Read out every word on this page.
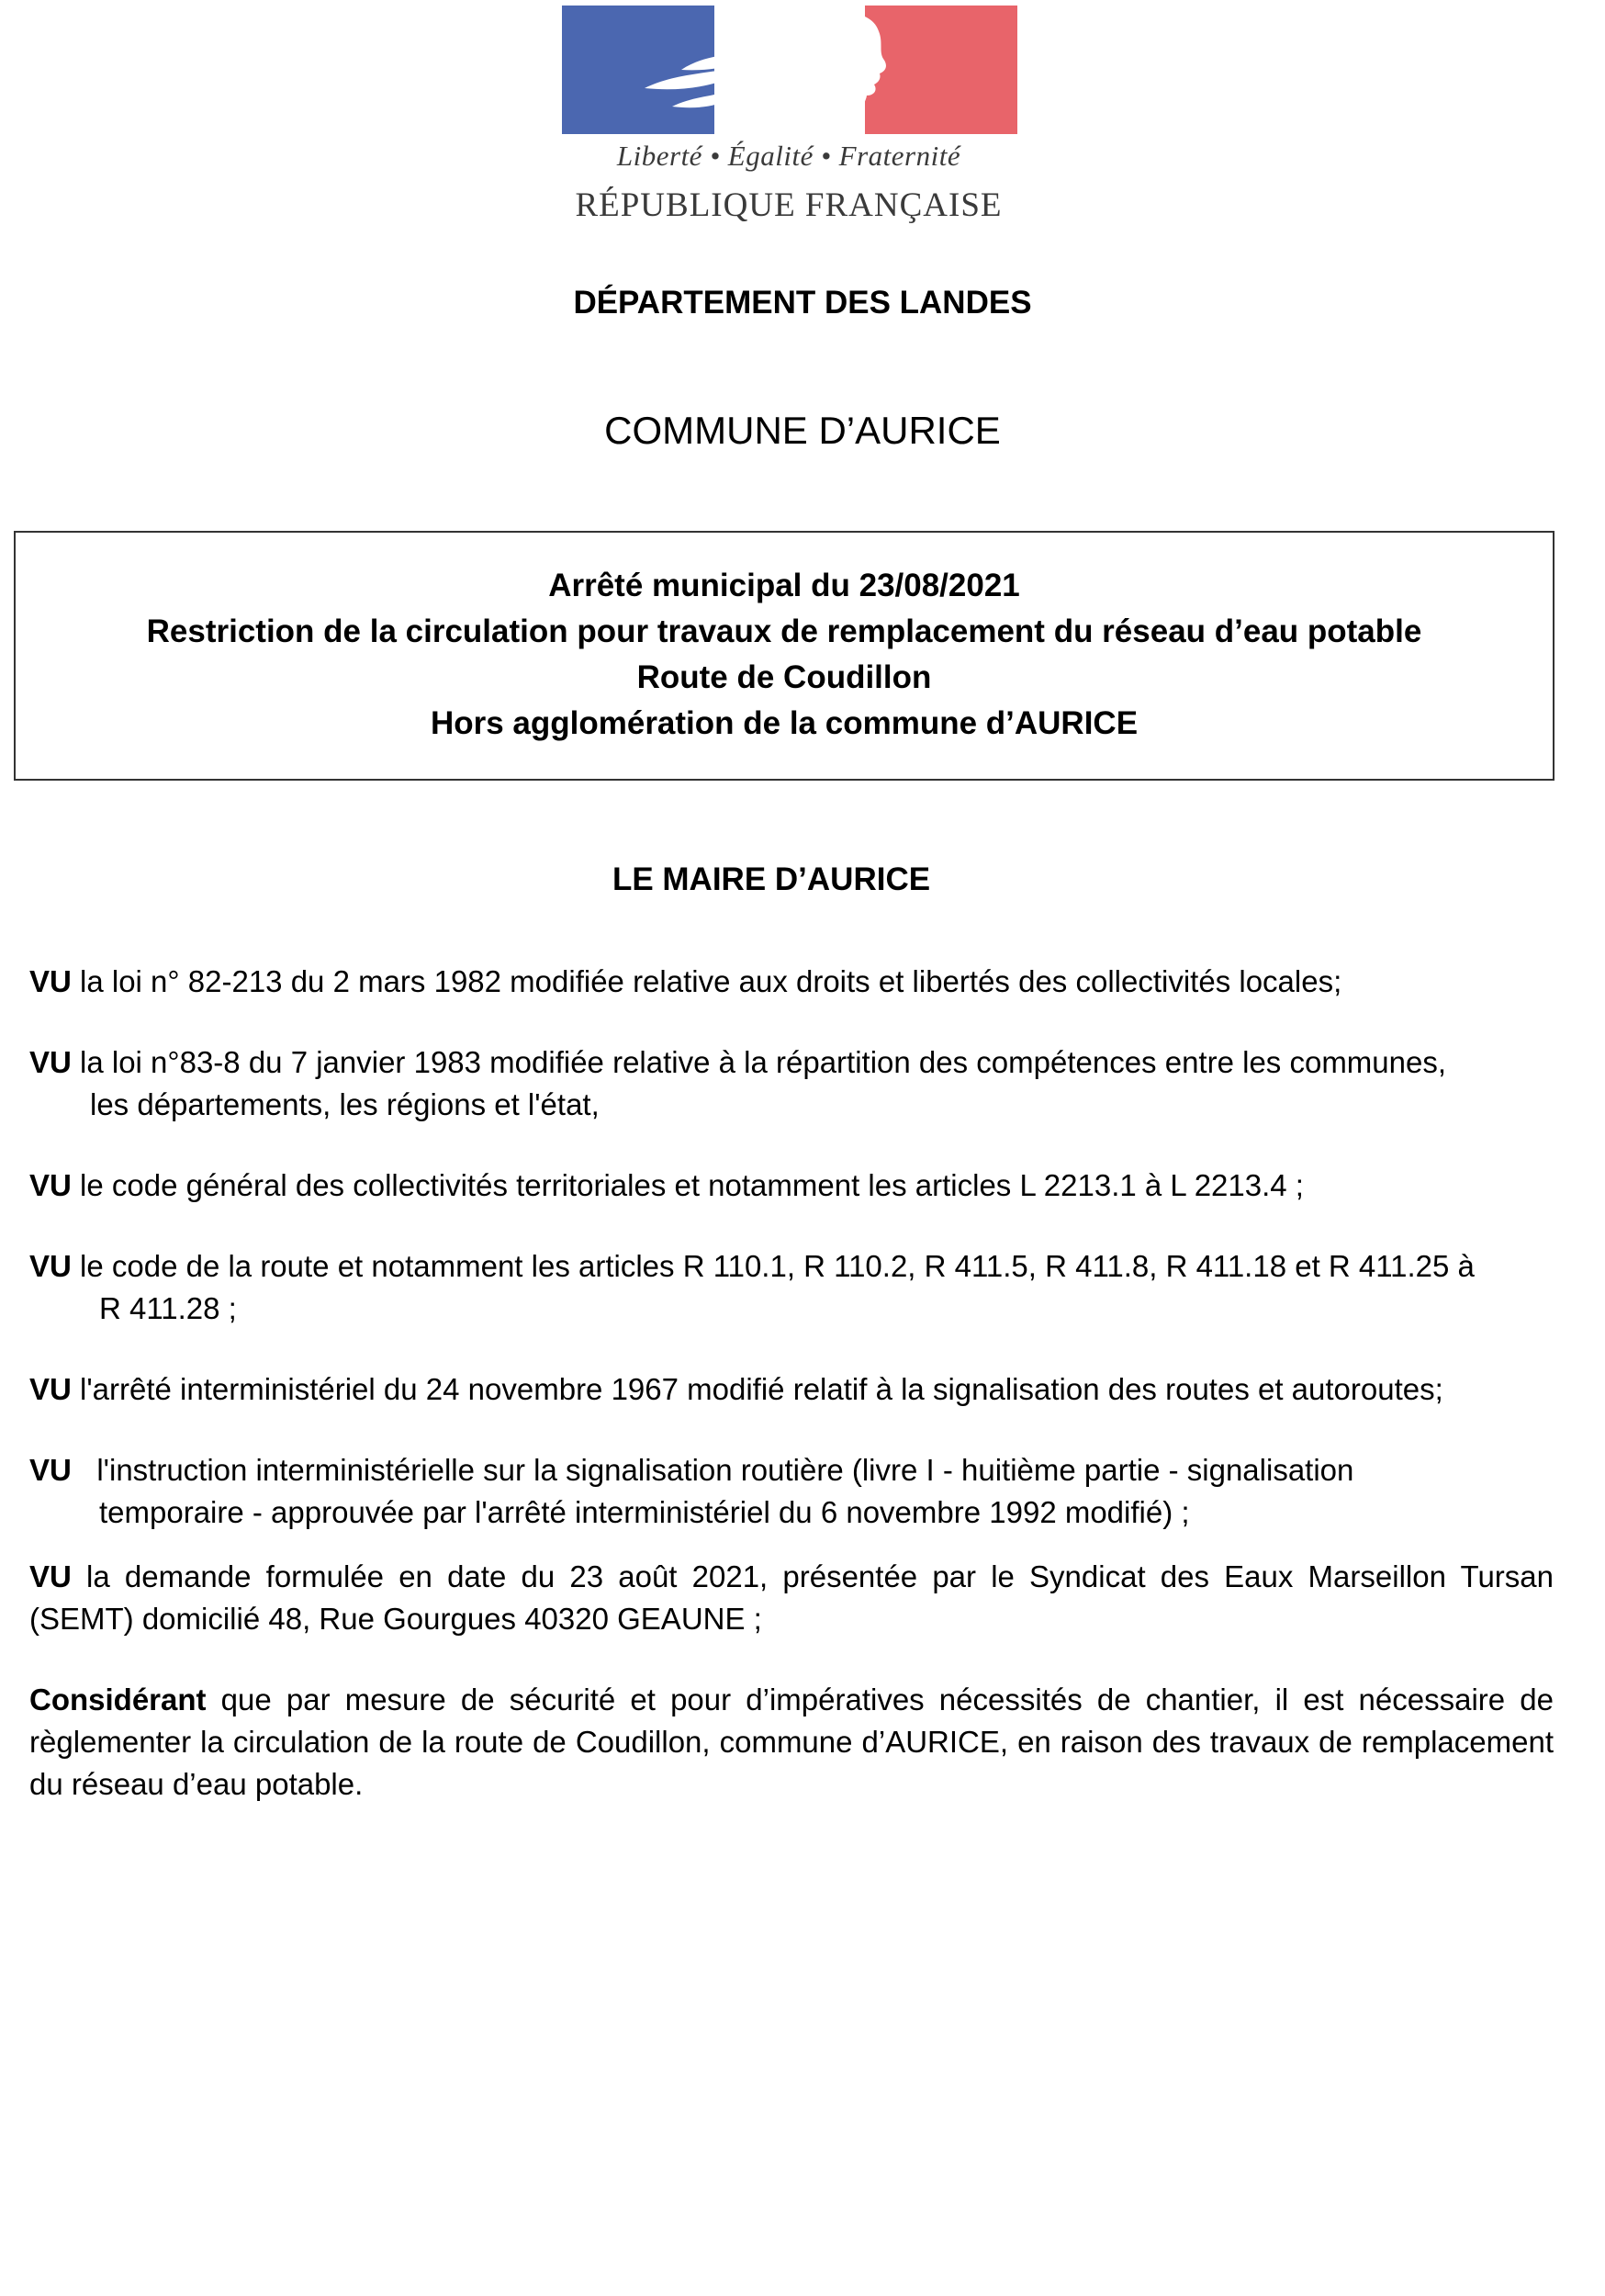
Liberté • Égalité • Fraternité
RÉPUBLIQUE FRANÇAISE
DÉPARTEMENT DES LANDES
COMMUNE D’AURICE
Arrêté municipal du 23/08/2021
Restriction de la circulation pour travaux de remplacement du réseau d’eau potable
Route de Coudillon
Hors agglomération de la commune d’AURICE
LE MAIRE D’AURICE
VU la loi n° 82-213 du 2 mars 1982 modifiée relative aux droits et libertés des collectivités locales;
VU la loi n°83-8 du 7 janvier 1983 modifiée relative à la répartition des compétences entre les communes,
les départements, les régions et l'état,
VU le code général des collectivités territoriales et notamment les articles L 2213.1 à L 2213.4 ;
VU le code de la route et notamment les articles R 110.1, R 110.2, R 411.5, R 411.8, R 411.18 et R 411.25 à
R 411.28 ;
VU l'arrêté interministériel du 24 novembre 1967 modifié relatif à la signalisation des routes et autoroutes;
VU   l'instruction interministérielle sur la signalisation routière (livre I - huitième partie - signalisation
temporaire - approuvée par l'arrêté interministériel du 6 novembre 1992 modifié) ;
VU la demande formulée en date du 23 août 2021, présentée par le Syndicat des Eaux Marseillon Tursan (SEMT) domicilié 48, Rue Gourgues 40320 GEAUNE ;
Considérant que par mesure de sécurité et pour d’impératives nécessités de chantier, il est nécessaire de règlementer la circulation de la route de Coudillon, commune d’AURICE, en raison des travaux de remplacement du réseau d’eau potable.
